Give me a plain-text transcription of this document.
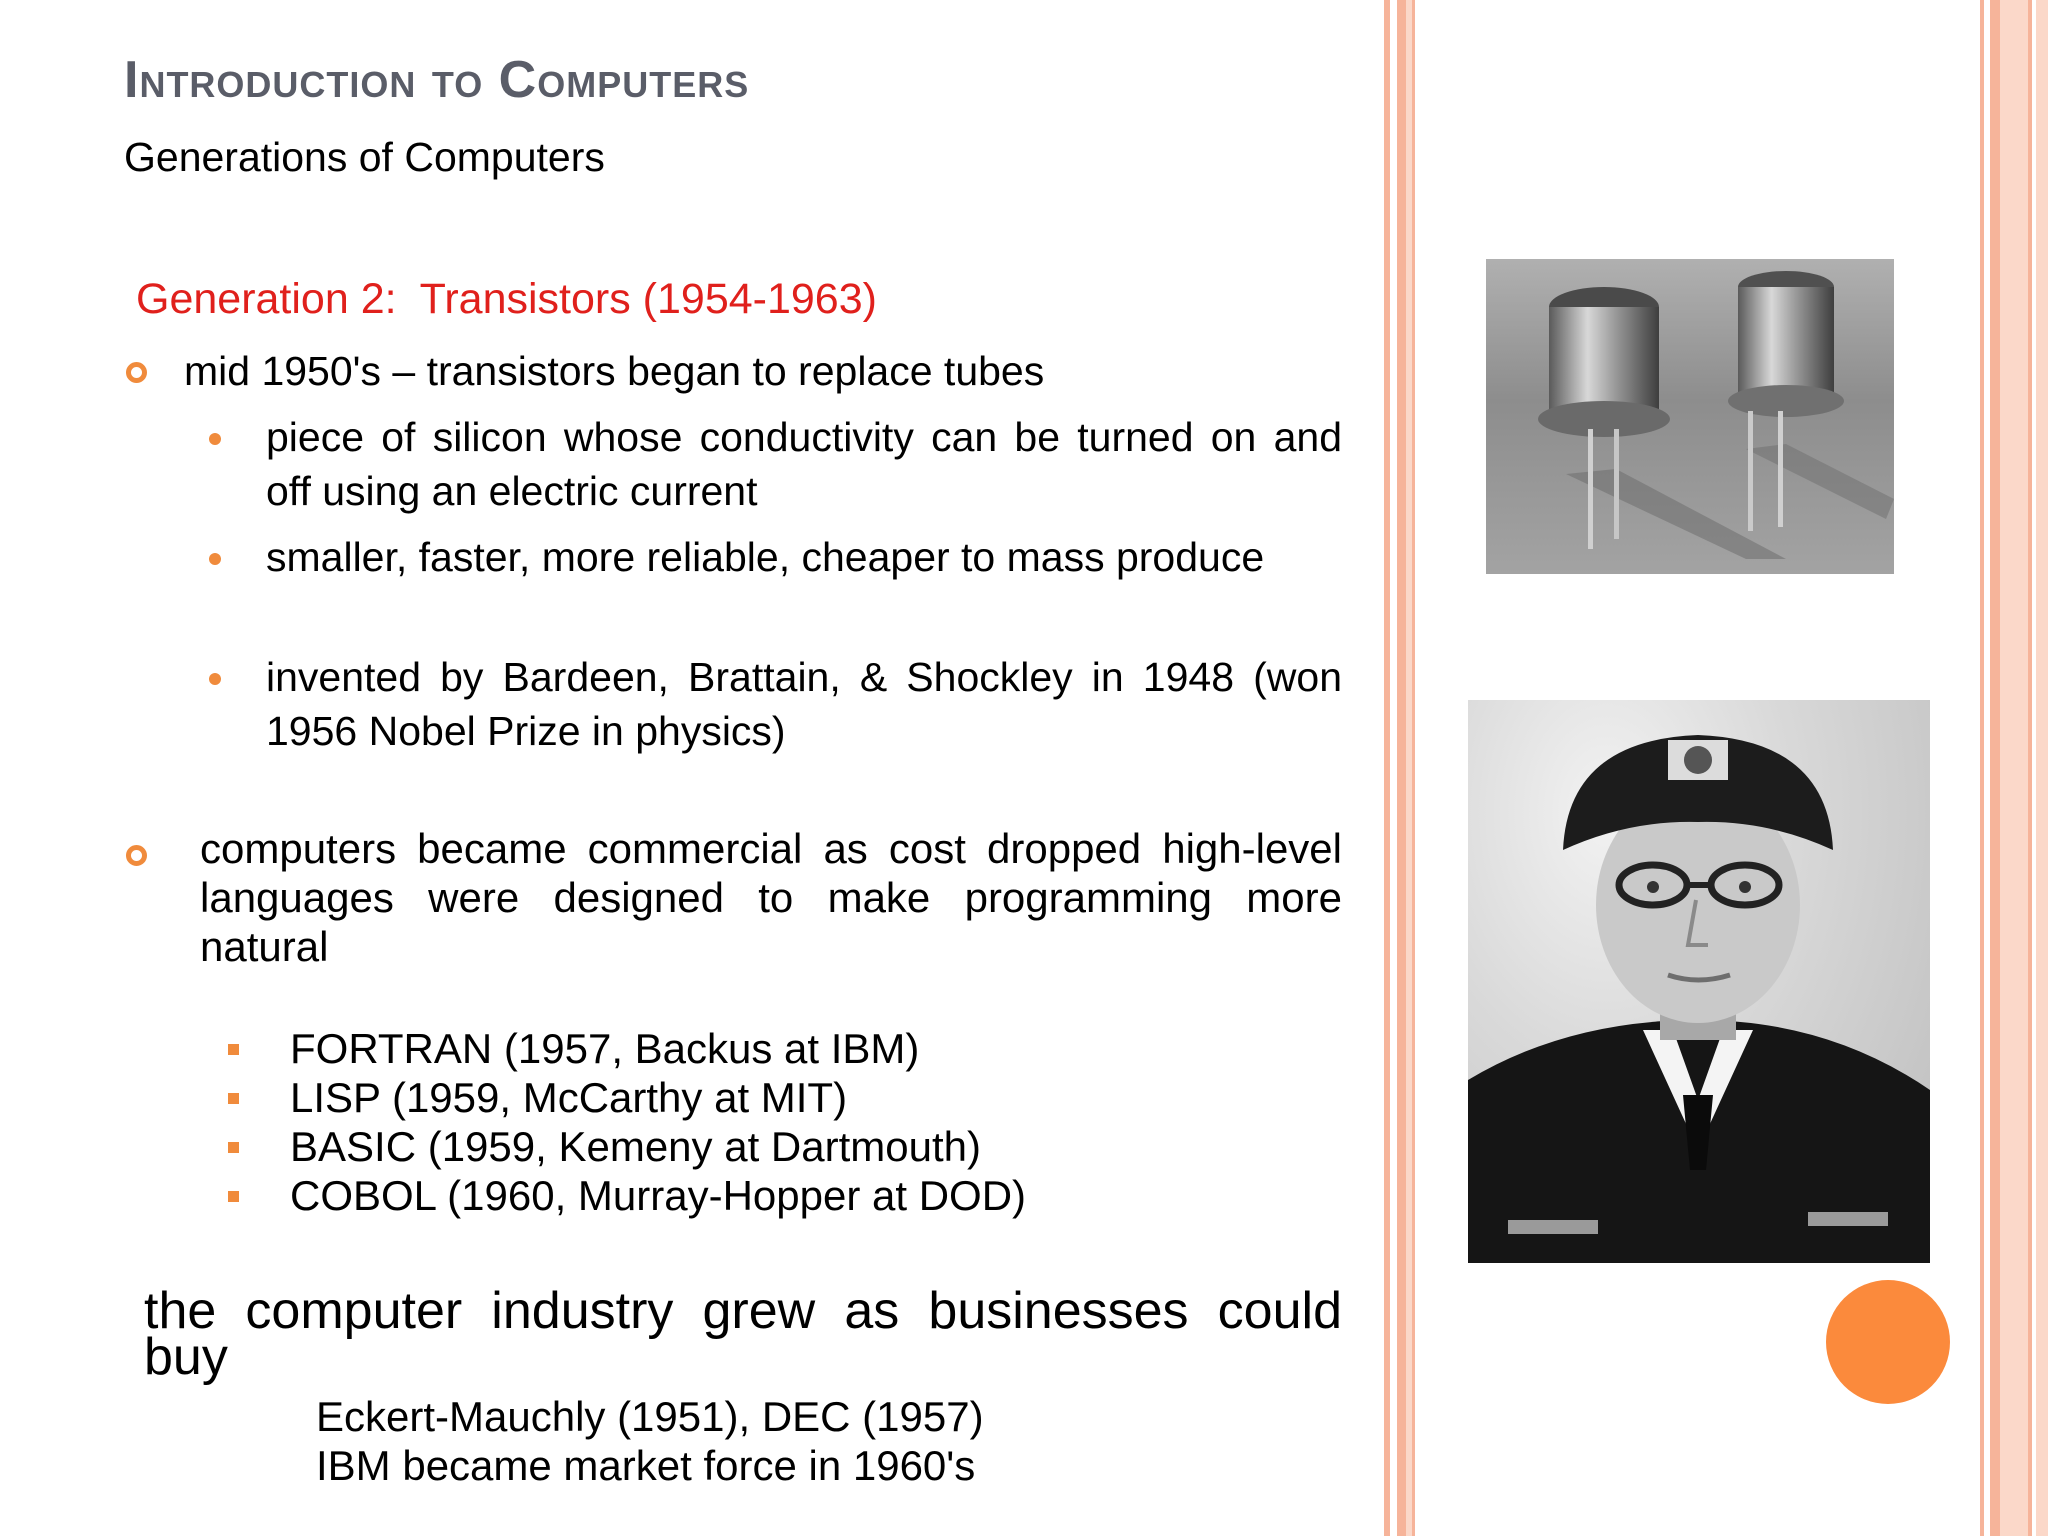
Introduction to Computers
Generations of Computers
Generation 2:  Transistors (1954-1963)
mid 1950's – transistors began to replace tubes
piece of silicon whose conductivity can be turned on and off using an electric current
smaller, faster, more reliable, cheaper to mass produce
invented by Bardeen, Brattain, & Shockley in 1948 (won 1956 Nobel Prize in physics)
computers became commercial as cost dropped high-level languages were designed to make programming more natural
FORTRAN (1957, Backus at IBM)
LISP (1959, McCarthy at MIT)
BASIC (1959, Kemeny at Dartmouth)
COBOL (1960, Murray-Hopper at DOD)
the computer industry grew as businesses could buy
Eckert-Mauchly (1951), DEC (1957)
IBM became market force in 1960's
